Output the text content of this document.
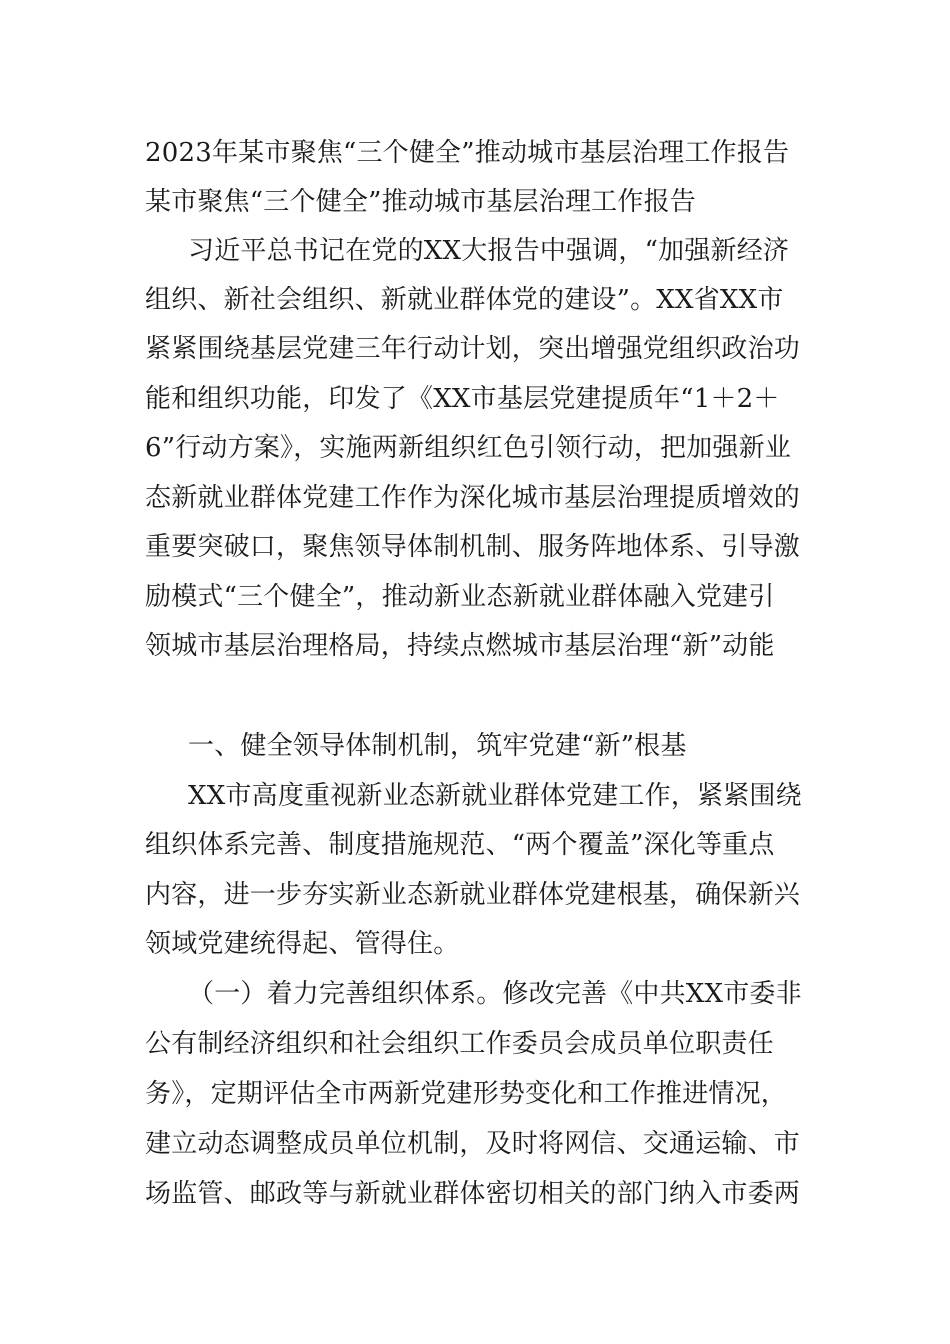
2023年某市聚焦“三个健全”推动城市基层治理工作报告
某市聚焦“三个健全”推动城市基层治理工作报告
习近平总书记在党的XX大报告中强调，“加强新经济
组织、新社会组织、新就业群体党的建设”。XX省XX市
紧紧围绕基层党建三年行动计划，突出增强党组织政治功
能和组织功能，印发了《XX市基层党建提质年“1＋2＋
6”行动方案》，实施两新组织红色引领行动，把加强新业
态新就业群体党建工作作为深化城市基层治理提质增效的
重要突破口，聚焦领导体制机制、服务阵地体系、引导激
励模式“三个健全”，推动新业态新就业群体融入党建引
领城市基层治理格局，持续点燃城市基层治理“新”动能
一、健全领导体制机制，筑牢党建“新”根基
XX市高度重视新业态新就业群体党建工作，紧紧围绕
组织体系完善、制度措施规范、“两个覆盖”深化等重点
内容，进一步夯实新业态新就业群体党建根基，确保新兴
领域党建统得起、管得住。
（一）着力完善组织体系。修改完善《中共XX市委非
公有制经济组织和社会组织工作委员会成员单位职责任
务》，定期评估全市两新党建形势变化和工作推进情况，
建立动态调整成员单位机制，及时将网信、交通运输、市
场监管、邮政等与新就业群体密切相关的部门纳入市委两
